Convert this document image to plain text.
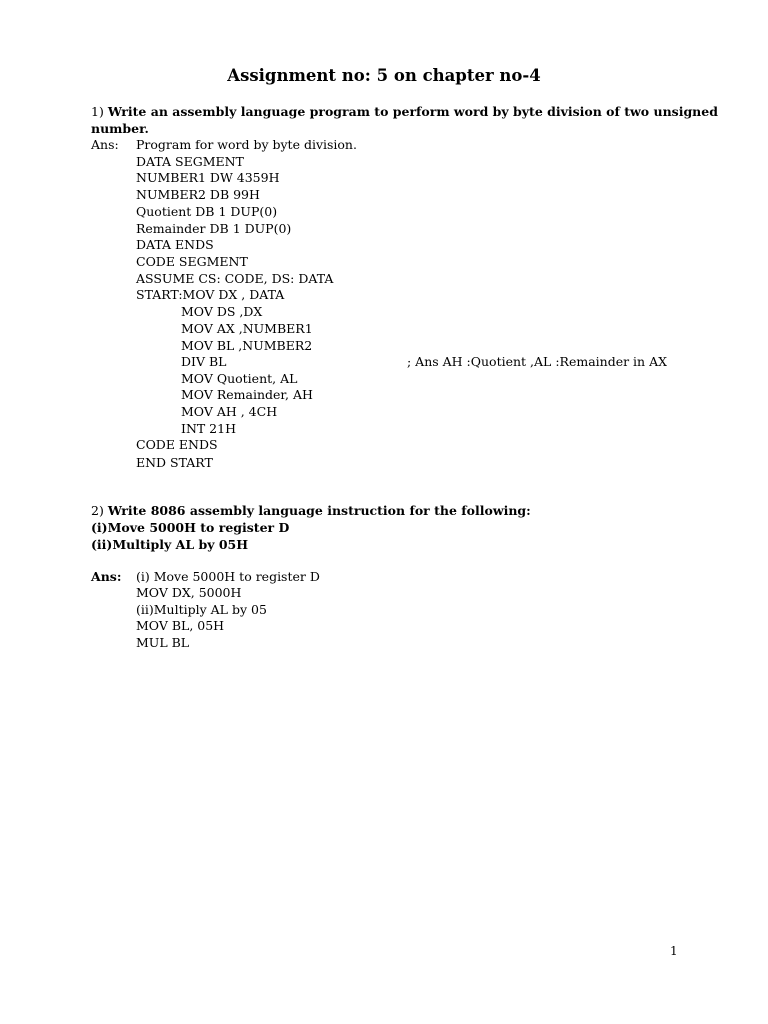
Assignment no: 5 on chapter no-4
1) Write an assembly language program to perform word by byte division of two unsigned
number.
Ans: Program for word by byte division.
DATA SEGMENT
NUMBER1 DW 4359H
NUMBER2 DB 99H
Quotient DB 1 DUP(0)
Remainder DB 1 DUP(0)
DATA ENDS
CODE SEGMENT
ASSUME CS: CODE, DS: DATA
START:MOV DX , DATA
MOV DS ,DX
MOV AX ,NUMBER1
MOV BL ,NUMBER2
DIV BL	; Ans AH :Quotient ,AL :Remainder in AX
MOV Quotient, AL
MOV Remainder, AH
MOV AH , 4CH
INT 21H
CODE ENDS
END START
2) Write 8086 assembly language instruction for the following:
(i)Move 5000H to register D
(ii)Multiply AL by 05H
Ans: (i) Move 5000H to register D
MOV DX, 5000H
(ii)Multiply AL by 05
MOV BL, 05H
MUL BL
1
